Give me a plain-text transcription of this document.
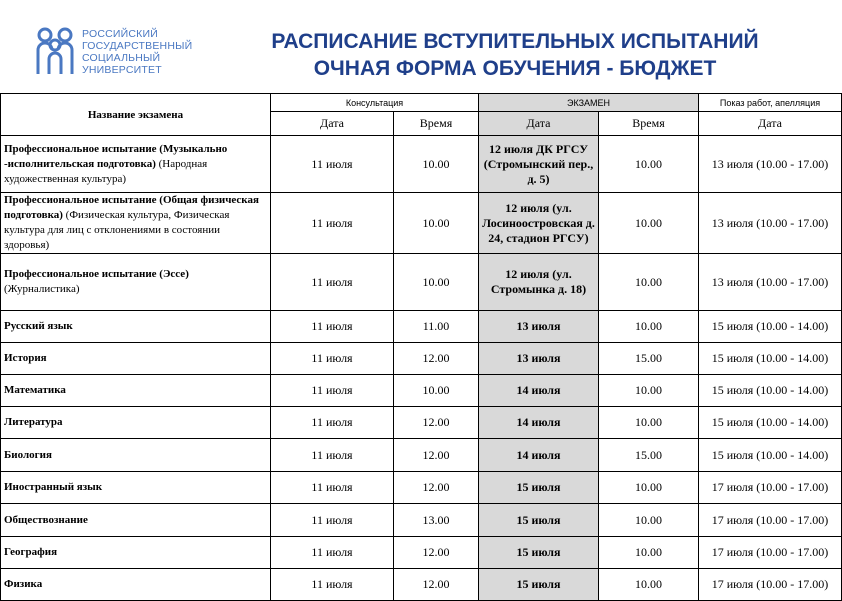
РОССИЙСКИЙ
ГОСУДАРСТВЕННЫЙ
СОЦИАЛЬНЫЙ
УНИВЕРСИТЕТ
РАСПИСАНИЕ ВСТУПИТЕЛЬНЫХ ИСПЫТАНИЙ
ОЧНАЯ ФОРМА ОБУЧЕНИЯ - БЮДЖЕТ
Название экзамена	Консультация		ЭКЗАМЕН		Показ работ, апелляция
	Дата	Время	Дата	Время	Дата
Профессиональное испытание (Музыкально -исполнительская подготовка) (Народная художественная культура)	11 июля	10.00	12 июля ДК РГСУ (Стромынский пер., д. 5)	10.00	13 июля (10.00 - 17.00)
Профессиональное испытание (Общая физическая подготовка) (Физическая культура, Физическая культура для лиц с отклонениями в состоянии здоровья)	11 июля	10.00	12 июля (ул. Лосиноостровская д. 24, стадион РГСУ)	10.00	13 июля (10.00 - 17.00)
Профессиональное испытание (Эссе) (Журналистика)	11 июля	10.00	12 июля (ул. Стромынка д. 18)	10.00	13 июля (10.00 - 17.00)
Русский язык	11 июля	11.00	13 июля	10.00	15 июля (10.00 - 14.00)
История	11 июля	12.00	13 июля	15.00	15 июля (10.00 - 14.00)
Математика	11 июля	10.00	14 июля	10.00	15 июля (10.00 - 14.00)
Литература	11 июля	12.00	14 июля	10.00	15 июля (10.00 - 14.00)
Биология	11 июля	12.00	14 июля	15.00	15 июля (10.00 - 14.00)
Иностранный язык	11 июля	12.00	15 июля	10.00	17 июля (10.00 - 17.00)
Обществознание	11 июля	13.00	15 июля	10.00	17 июля (10.00 - 17.00)
География	11 июля	12.00	15 июля	10.00	17 июля (10.00 - 17.00)
Физика	11 июля	12.00	15 июля	10.00	17 июля (10.00 - 17.00)
